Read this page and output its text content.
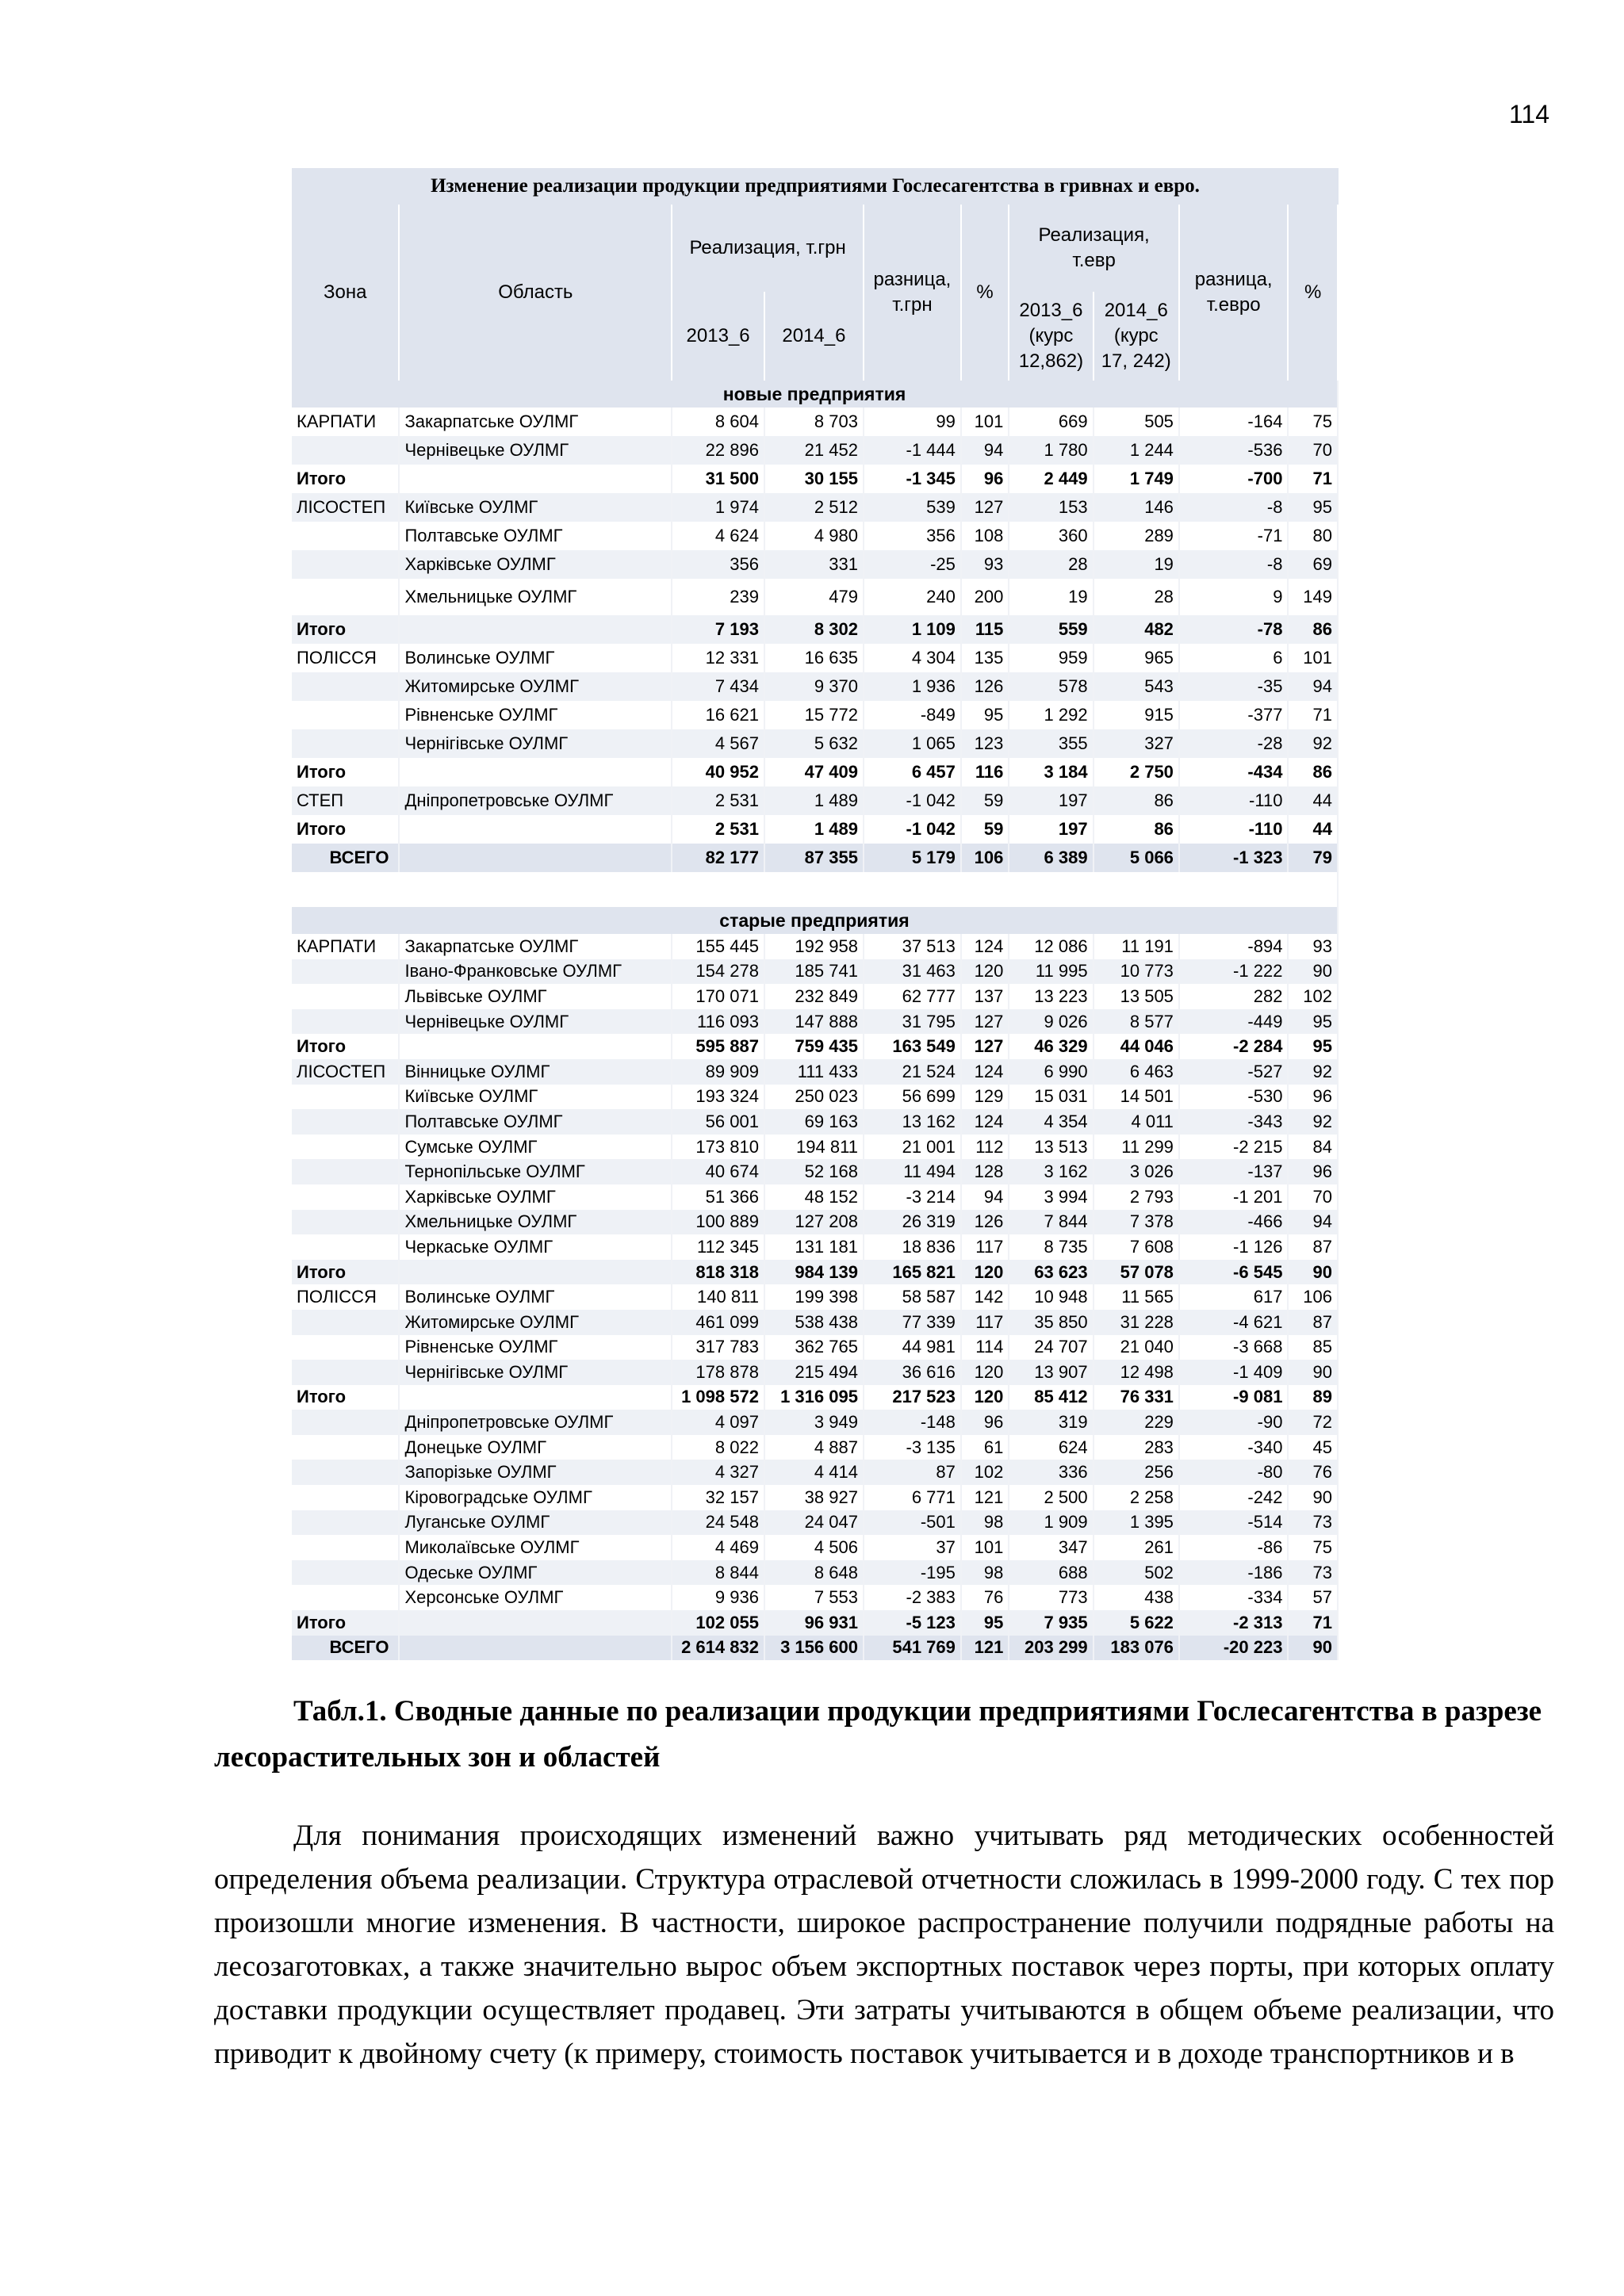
114
Изменение реализации продукции предприятиями Гослесагентства в гривнах и евро.
Зона	Область	Реализация, т.грн		разница, т.грн	%	Реализация, т.евр		разница, т.евро	%
		2013_6	2014_6			2013_6 (курс 12,862)	2014_6 (курс 17, 242)		
новые предприятия									
КАРПАТИ	Закарпатське ОУЛМГ	8 604	8 703	99	101	669	505	-164	75
	Чернівецьке ОУЛМГ	22 896	21 452	-1 444	94	1 780	1 244	-536	70
Итого		31 500	30 155	-1 345	96	2 449	1 749	-700	71
ЛІСОСТЕП	Київське ОУЛМГ	1 974	2 512	539	127	153	146	-8	95
	Полтавське ОУЛМГ	4 624	4 980	356	108	360	289	-71	80
	Харківське ОУЛМГ	356	331	-25	93	28	19	-8	69
	Хмельницьке ОУЛМГ	239	479	240	200	19	28	9	149
Итого		7 193	8 302	1 109	115	559	482	-78	86
ПОЛІССЯ	Волинське ОУЛМГ	12 331	16 635	4 304	135	959	965	6	101
	Житомирське ОУЛМГ	7 434	9 370	1 936	126	578	543	-35	94
	Рівненське ОУЛМГ	16 621	15 772	-849	95	1 292	915	-377	71
	Чернігівське ОУЛМГ	4 567	5 632	1 065	123	355	327	-28	92
Итого		40 952	47 409	6 457	116	3 184	2 750	-434	86
СТЕП	Дніпропетровське ОУЛМГ	2 531	1 489	-1 042	59	197	86	-110	44
Итого		2 531	1 489	-1 042	59	197	86	-110	44
ВСЕГО		82 177	87 355	5 179	106	6 389	5 066	-1 323	79

старые предприятия									
КАРПАТИ	Закарпатське ОУЛМГ	155 445	192 958	37 513	124	12 086	11 191	-894	93
	Івано-Франковське ОУЛМГ	154 278	185 741	31 463	120	11 995	10 773	-1 222	90
	Львівське ОУЛМГ	170 071	232 849	62 777	137	13 223	13 505	282	102
	Чернівецьке ОУЛМГ	116 093	147 888	31 795	127	9 026	8 577	-449	95
Итого		595 887	759 435	163 549	127	46 329	44 046	-2 284	95
ЛІСОСТЕП	Вінницьке ОУЛМГ	89 909	111 433	21 524	124	6 990	6 463	-527	92
	Київське ОУЛМГ	193 324	250 023	56 699	129	15 031	14 501	-530	96
	Полтавське ОУЛМГ	56 001	69 163	13 162	124	4 354	4 011	-343	92
	Сумське ОУЛМГ	173 810	194 811	21 001	112	13 513	11 299	-2 215	84
	Тернопільське ОУЛМГ	40 674	52 168	11 494	128	3 162	3 026	-137	96
	Харківське ОУЛМГ	51 366	48 152	-3 214	94	3 994	2 793	-1 201	70
	Хмельницьке ОУЛМГ	100 889	127 208	26 319	126	7 844	7 378	-466	94
	Черкаське ОУЛМГ	112 345	131 181	18 836	117	8 735	7 608	-1 126	87
Итого		818 318	984 139	165 821	120	63 623	57 078	-6 545	90
ПОЛІССЯ	Волинське ОУЛМГ	140 811	199 398	58 587	142	10 948	11 565	617	106
	Житомирське ОУЛМГ	461 099	538 438	77 339	117	35 850	31 228	-4 621	87
	Рівненське ОУЛМГ	317 783	362 765	44 981	114	24 707	21 040	-3 668	85
	Чернігівське ОУЛМГ	178 878	215 494	36 616	120	13 907	12 498	-1 409	90
Итого		1 098 572	1 316 095	217 523	120	85 412	76 331	-9 081	89
	Дніпропетровське ОУЛМГ	4 097	3 949	-148	96	319	229	-90	72
	Донецьке ОУЛМГ	8 022	4 887	-3 135	61	624	283	-340	45
	Запорізьке ОУЛМГ	4 327	4 414	87	102	336	256	-80	76
	Кіровоградське ОУЛМГ	32 157	38 927	6 771	121	2 500	2 258	-242	90
	Луганське ОУЛМГ	24 548	24 047	-501	98	1 909	1 395	-514	73
	Миколаївське ОУЛМГ	4 469	4 506	37	101	347	261	-86	75
	Одеське ОУЛМГ	8 844	8 648	-195	98	688	502	-186	73
	Херсонське ОУЛМГ	9 936	7 553	-2 383	76	773	438	-334	57
Итого		102 055	96 931	-5 123	95	7 935	5 622	-2 313	71
ВСЕГО		2 614 832	3 156 600	541 769	121	203 299	183 076	-20 223	90
Табл.1. Сводные данные по реализации продукции предприятиями Гослесагентства в разрезе лесорастительных зон и областей
Для понимания происходящих изменений важно учитывать ряд методических особенностей определения объема реализации. Структура отраслевой отчетности сложилась в 1999-2000 году. С тех пор произошли многие изменения. В частности, широкое распространение получили подрядные работы на лесозаготовках, а также значительно вырос объем экспортных поставок через порты, при которых оплату доставки продукции осуществляет продавец. Эти затраты учитываются в общем объеме реализации, что приводит к двойному счету (к примеру, стоимость поставок учитывается и в доходе транспортников и в
